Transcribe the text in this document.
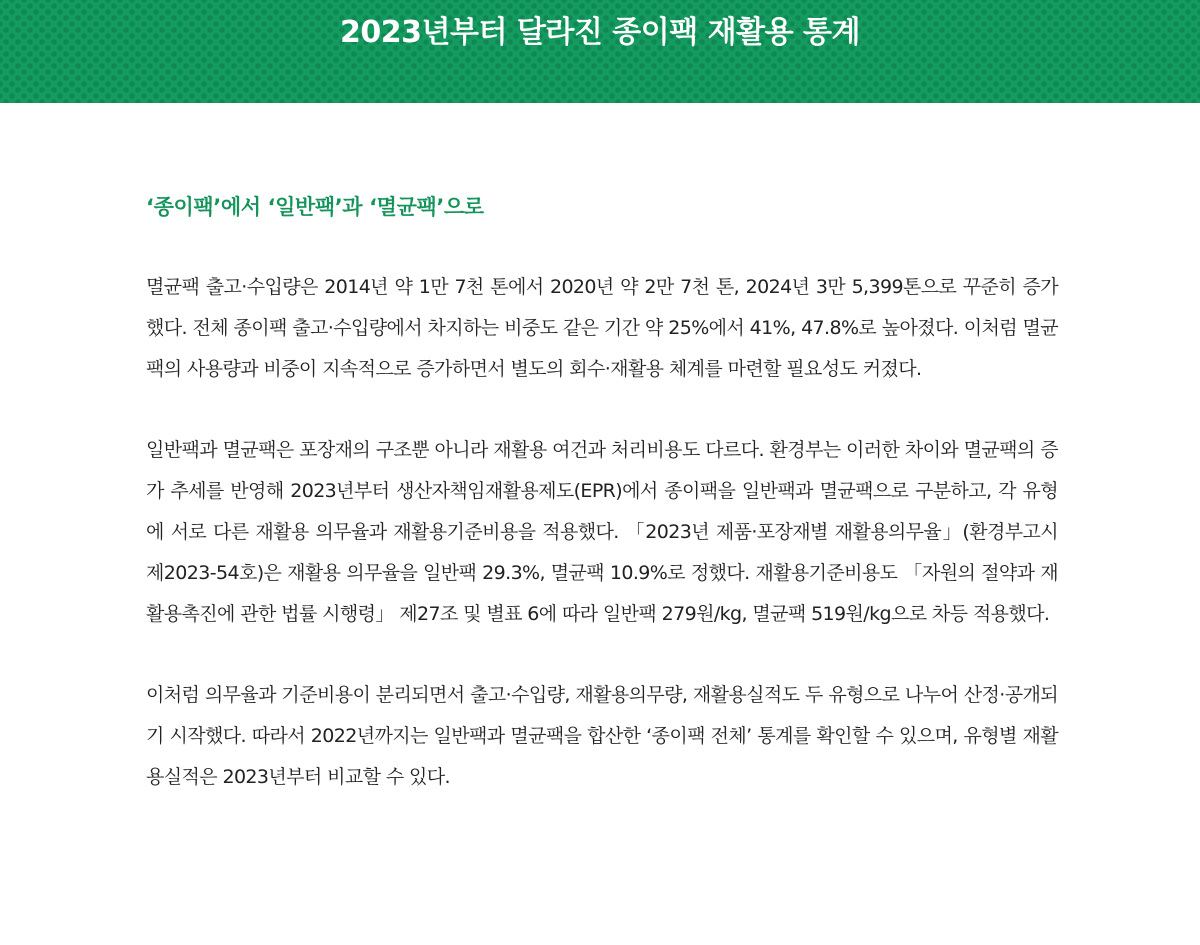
2023년부터 달라진 종이팩 재활용 통계
‘종이팩’에서 ‘일반팩’과 ‘멸균팩’으로

멸균팩 출고·수입량은 2014년 약 1만 7천 톤에서 2020년 약 2만 7천 톤, 2024년 3만 5,399톤으로 꾸준히 증가했다. 전체 종이팩 출고·수입량에서 차지하는 비중도 같은 기간 약 25%에서 41%, 47.8%로 높아졌다. 이처럼 멸균팩의 사용량과 비중이 지속적으로 증가하면서 별도의 회수·재활용 체계를 마련할 필요성도 커졌다.

일반팩과 멸균팩은 포장재의 구조뿐 아니라 재활용 여건과 처리비용도 다르다. 환경부는 이러한 차이와 멸균팩의 증가 추세를 반영해 2023년부터 생산자책임재활용제도(EPR)에서 종이팩을 일반팩과 멸균팩으로 구분하고, 각 유형에 서로 다른 재활용 의무율과 재활용기준비용을 적용했다. 「2023년 제품·포장재별 재활용의무율」(환경부고시 제2023-54호)은 재활용 의무율을 일반팩 29.3%, 멸균팩 10.9%로 정했다. 재활용기준비용도 「자원의 절약과 재활용촉진에 관한 법률 시행령」 제27조 및 별표 6에 따라 일반팩 279원/kg, 멸균팩 519원/kg으로 차등 적용했다.

이처럼 의무율과 기준비용이 분리되면서 출고·수입량, 재활용의무량, 재활용실적도 두 유형으로 나누어 산정·공개되기 시작했다. 따라서 2022년까지는 일반팩과 멸균팩을 합산한 ‘종이팩 전체’ 통계를 확인할 수 있으며, 유형별 재활용실적은 2023년부터 비교할 수 있다.
